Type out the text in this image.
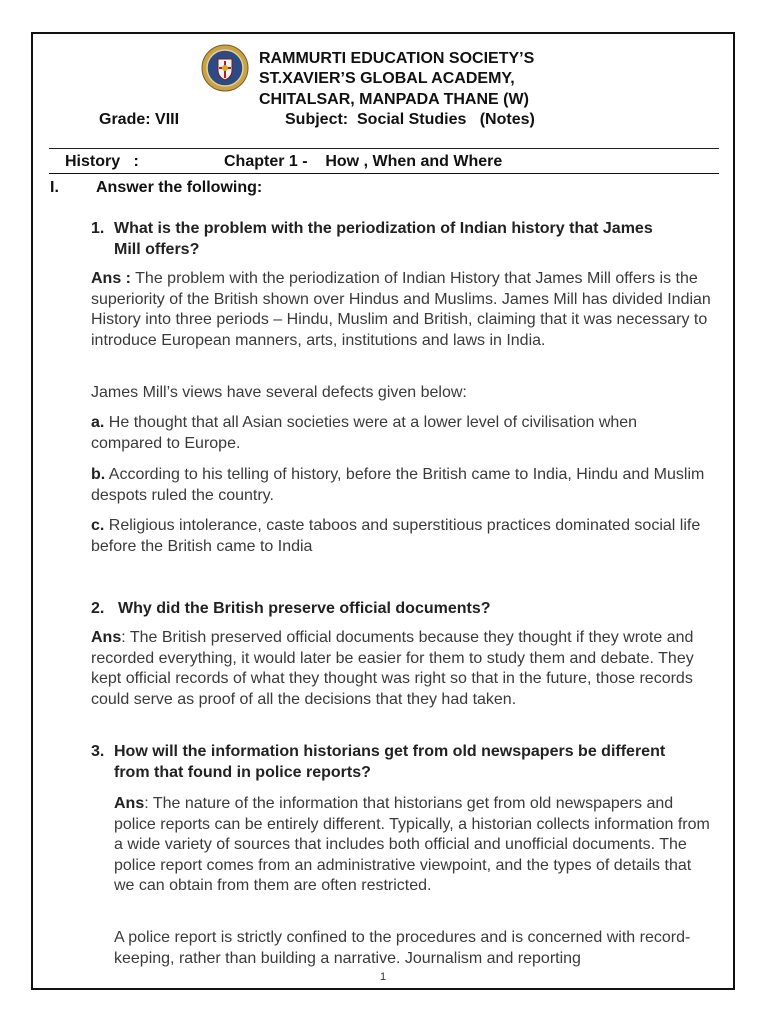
RAMMURTI EDUCATION SOCIETY’S
ST.XAVIER’S GLOBAL ACADEMY,
CHITALSAR, MANPADA THANE (W)
Grade: VIII	Subject:  Social Studies   (Notes)
History   :	Chapter 1 -    How , When and Where
I. Answer the following:
1. What is the problem with the periodization of Indian history that James
Mill offers?
Ans : The problem with the periodization of Indian History that James Mill offers is the superiority of the British shown over Hindus and Muslims. James Mill has divided Indian History into three periods – Hindu, Muslim and British, claiming that it was necessary to introduce European manners, arts, institutions and laws in India.
James Mill’s views have several defects given below:
a. He thought that all Asian societies were at a lower level of civilisation when compared to Europe.
b. According to his telling of history, before the British came to India, Hindu and Muslim despots ruled the country.
c. Religious intolerance, caste taboos and superstitious practices dominated social life before the British came to India
2. Why did the British preserve official documents?
Ans: The British preserved official documents because they thought if they wrote and recorded everything, it would later be easier for them to study them and debate. They kept official records of what they thought was right so that in the future, those records could serve as proof of all the decisions that they had taken.
3. How will the information historians get from old newspapers be different
from that found in police reports?
Ans: The nature of the information that historians get from old newspapers and police reports can be entirely different. Typically, a historian collects information from a wide variety of sources that includes both official and unofficial documents. The police report comes from an administrative viewpoint, and the types of details that we can obtain from them are often restricted.
A police report is strictly confined to the procedures and is concerned with record-keeping, rather than building a narrative. Journalism and reporting
1
